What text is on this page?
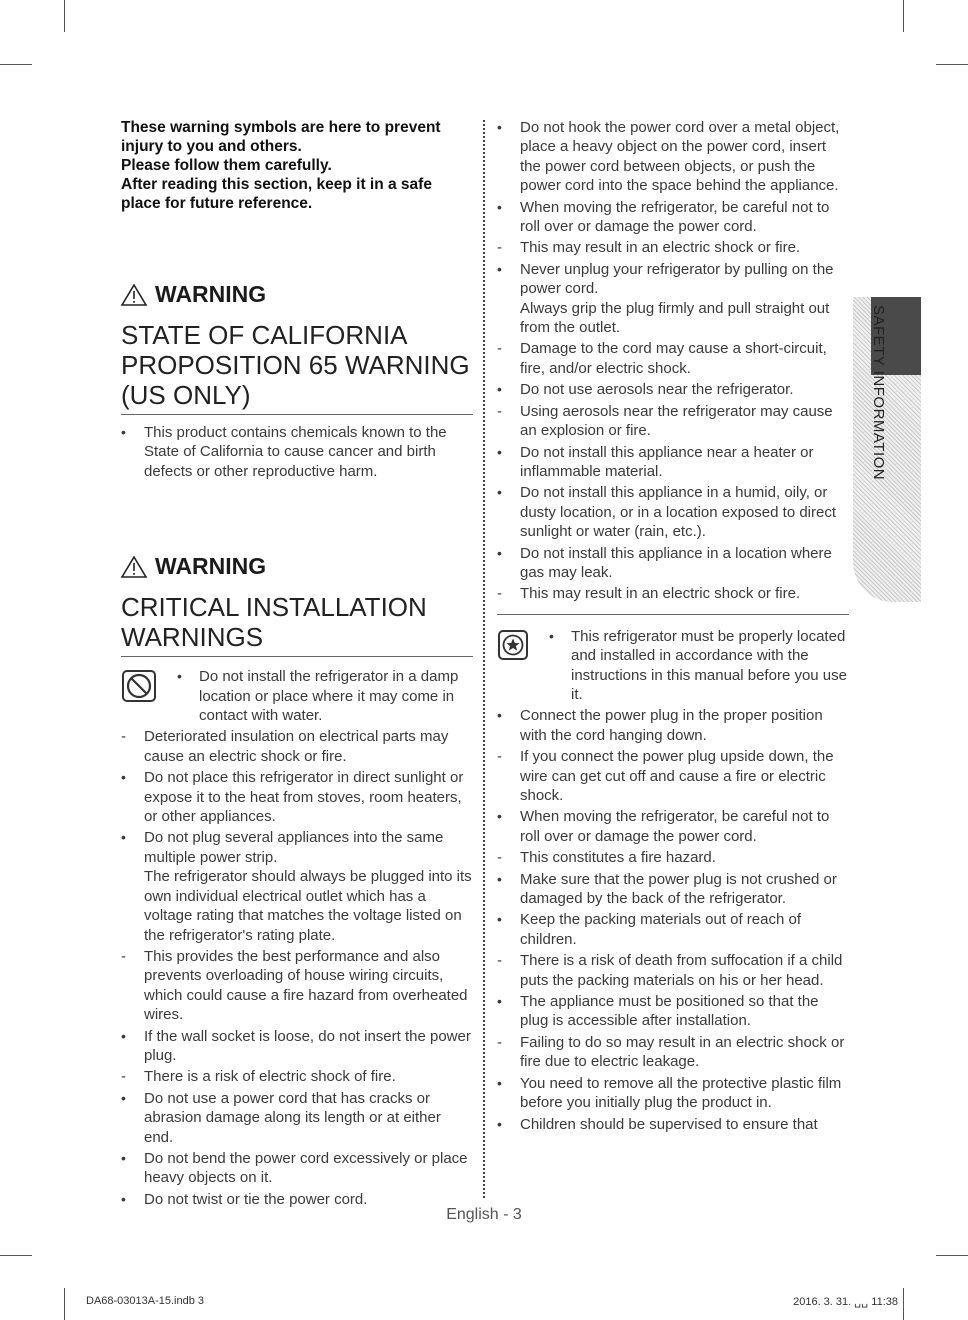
These warning symbols are here to prevent
injury to you and others.
Please follow them carefully.
After reading this section, keep it in a safe
place for future reference.
WARNING
STATE OF CALIFORNIA
PROPOSITION 65 WARNING
(US ONLY)
• This product contains chemicals known to the State of California to cause cancer and birth defects or other reproductive harm.
WARNING
CRITICAL INSTALLATION
WARNINGS
• Do not install the refrigerator in a damp location or place where it may come in contact with water.
- Deteriorated insulation on electrical parts may cause an electric shock or fire.
• Do not place this refrigerator in direct sunlight or expose it to the heat from stoves, room heaters, or other appliances.
• Do not plug several appliances into the same multiple power strip.
The refrigerator should always be plugged into its own individual electrical outlet which has a voltage rating that matches the voltage listed on the refrigerator's rating plate.
- This provides the best performance and also prevents overloading of house wiring circuits, which could cause a fire hazard from overheated wires.
• If the wall socket is loose, do not insert the power plug.
- There is a risk of electric shock of fire.
• Do not use a power cord that has cracks or abrasion damage along its length or at either end.
• Do not bend the power cord excessively or place heavy objects on it.
• Do not twist or tie the power cord.
• Do not hook the power cord over a metal object, place a heavy object on the power cord, insert the power cord between objects, or push the power cord into the space behind the appliance.
• When moving the refrigerator, be careful not to roll over or damage the power cord.
- This may result in an electric shock or fire.
• Never unplug your refrigerator by pulling on the power cord.
Always grip the plug firmly and pull straight out from the outlet.
- Damage to the cord may cause a short-circuit, fire, and/or electric shock.
• Do not use aerosols near the refrigerator.
- Using aerosols near the refrigerator may cause an explosion or fire.
• Do not install this appliance near a heater or inflammable material.
• Do not install this appliance in a humid, oily, or dusty location, or in a location exposed to direct sunlight or water (rain, etc.).
• Do not install this appliance in a location where gas may leak.
- This may result in an electric shock or fire.
• This refrigerator must be properly located and installed in accordance with the instructions in this manual before you use it.
• Connect the power plug in the proper position with the cord hanging down.
- If you connect the power plug upside down, the wire can get cut off and cause a fire or electric shock.
• When moving the refrigerator, be careful not to roll over or damage the power cord.
- This constitutes a fire hazard.
• Make sure that the power plug is not crushed or damaged by the back of the refrigerator.
• Keep the packing materials out of reach of children.
- There is a risk of death from suffocation if a child puts the packing materials on his or her head.
• The appliance must be positioned so that the plug is accessible after installation.
- Failing to do so may result in an electric shock or fire due to electric leakage.
• You need to remove all the protective plastic film before you initially plug the product in.
• Children should be supervised to ensure that
SAFETY INFORMATION
English - 3
DA68-03013A-15.indb 3	2016. 3. 31. ␣␣ 11:38
